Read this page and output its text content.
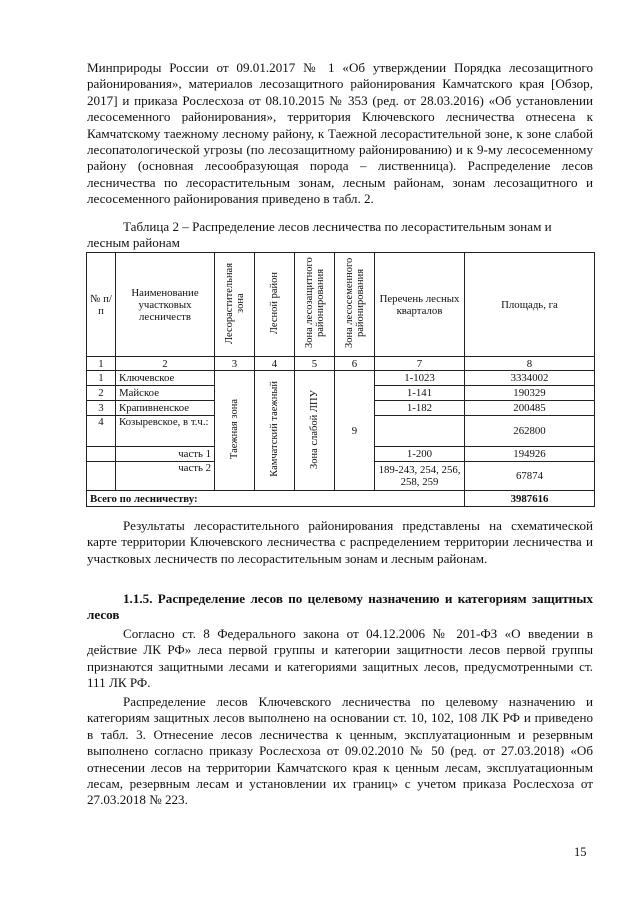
Минприроды России от 09.01.2017 № 1 «Об утверждении Порядка лесозащитного районирования», материалов лесозащитного районирования Камчатского края [Обзор, 2017] и приказа Рослесхоза от 08.10.2015 № 353 (ред. от 28.03.2016) «Об установлении лесосеменного районирования», территория Ключевского лесничества отнесена к Камчатскому таежному лесному району, к Таежной лесорастительной зоне, к зоне слабой лесопатологической угрозы (по лесозащитному районированию) и к 9-му лесосеменному району (основная лесообразующая порода – лиственница). Распределение лесов лесничества по лесорастительным зонам, лесным районам, зонам лесозащитного и лесосеменного районирования приведено в табл. 2.

Таблица 2 – Распределение лесов лесничества по лесорастительным зонам и лесным районам

№ п/п	Наименование участковых лесничеств	Лесорастительная зона	Лесной район	Зона лесозащитного районирования	Зона лесосеменного районирования	Перечень лесных кварталов	Площадь, га
1	2	3	4	5	6	7	8
1	Ключевское	Таежная зона	Камчатский таежный	Зона слабой ЛПУ	9	1-1023	3334002
2	Майское					1-141	190329
3	Крапивненское					1-182	200485
4	Козыревское, в т.ч.:						262800
	часть 1					1-200	194926
	часть 2					189-243, 254, 256, 258, 259	67874
Всего по лесничеству:							3987616

Результаты лесорастительного районирования представлены на схематической карте территории Ключевского лесничества с распределением территории лесничества и участковых лесничеств по лесорастительным зонам и лесным районам.

1.1.5. Распределение лесов по целевому назначению и категориям защитных лесов

Согласно ст. 8 Федерального закона от 04.12.2006 № 201-ФЗ «О введении в действие ЛК РФ» леса первой группы и категории защитности лесов первой группы признаются защитными лесами и категориями защитных лесов, предусмотренными ст. 111 ЛК РФ.

Распределение лесов Ключевского лесничества по целевому назначению и категориям защитных лесов выполнено на основании ст. 10, 102, 108 ЛК РФ и приведено в табл. 3. Отнесение лесов лесничества к ценным, эксплуатационным и резервным выполнено согласно приказу Рослесхоза от 09.02.2010 № 50 (ред. от 27.03.2018) «Об отнесении лесов на территории Камчатского края к ценным лесам, эксплуатационным лесам, резервным лесам и установлении их границ» с учетом приказа Рослесхоза от 27.03.2018 № 223.

15
